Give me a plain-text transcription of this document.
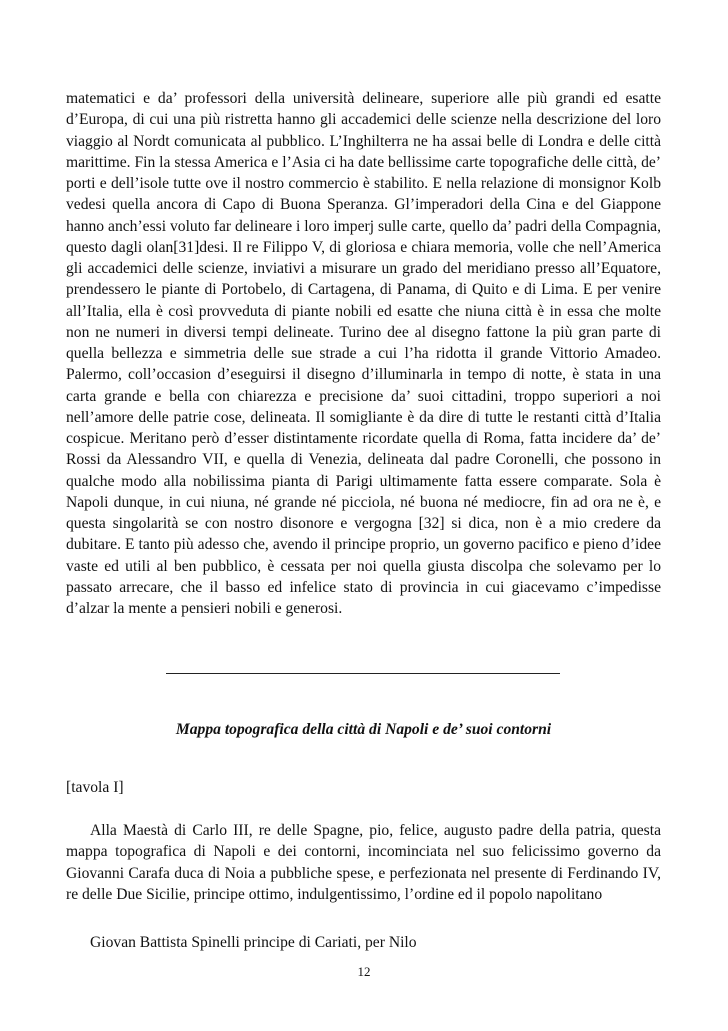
matematici e da’ professori della università delineare, superiore alle più grandi ed esatte d’Europa, di cui una più ristretta hanno gli accademici delle scienze nella descrizione del loro viaggio al Nordt comunicata al pubblico. L’Inghilterra ne ha assai belle di Londra e delle città marittime. Fin la stessa America e l’Asia ci ha date bellissime carte topografiche delle città, de’ porti e dell’isole tutte ove il nostro commercio è stabilito. E nella relazione di monsignor Kolb vedesi quella ancora di Capo di Buona Speranza. Gl’imperadori della Cina e del Giappone hanno anch’essi voluto far delineare i loro imperj sulle carte, quello da’ padri della Compagnia, questo dagli olan[31]desi. Il re Filippo V, di gloriosa e chiara memoria, volle che nell’America gli accademici delle scienze, inviativi a misurare un grado del meridiano presso all’Equatore, prendessero le piante di Portobelo, di Cartagena, di Panama, di Quito e di Lima. E per venire all’Italia, ella è così provveduta di piante nobili ed esatte che niuna città è in essa che molte non ne numeri in diversi tempi delineate. Turino dee al disegno fattone la più gran parte di quella bellezza e simmetria delle sue strade a cui l’ha ridotta il grande Vittorio Amadeo. Palermo, coll’occasion d’eseguirsi il disegno d’illuminarla in tempo di notte, è stata in una carta grande e bella con chiarezza e precisione da’ suoi cittadini, troppo superiori a noi nell’amore delle patrie cose, delineata. Il somigliante è da dire di tutte le restanti città d’Italia cospicue. Meritano però d’esser distintamente ricordate quella di Roma, fatta incidere da’ de’ Rossi da Alessandro VII, e quella di Venezia, delineata dal padre Coronelli, che possono in qualche modo alla nobilissima pianta di Parigi ultimamente fatta essere comparate. Sola è Napoli dunque, in cui niuna, né grande né picciola, né buona né mediocre, fin ad ora ne è, e questa singolarità se con nostro disonore e vergogna [32] si dica, non è a mio credere da dubitare. E tanto più adesso che, avendo il principe proprio, un governo pacifico e pieno d’idee vaste ed utili al ben pubblico, è cessata per noi quella giusta discolpa che solevamo per lo passato arrecare, che il basso ed infelice stato di provincia in cui giacevamo c’impedisse d’alzar la mente a pensieri nobili e generosi.

Mappa topografica della città di Napoli e de’ suoi contorni

[tavola I]

Alla Maestà di Carlo III, re delle Spagne, pio, felice, augusto padre della patria, questa mappa topografica di Napoli e dei contorni, incominciata nel suo felicissimo governo da Giovanni Carafa duca di Noia a pubbliche spese, e perfezionata nel presente di Ferdinando IV, re delle Due Sicilie, principe ottimo, indulgentissimo, l’ordine ed il popolo napolitano

Giovan Battista Spinelli principe di Cariati, per Nilo

12
